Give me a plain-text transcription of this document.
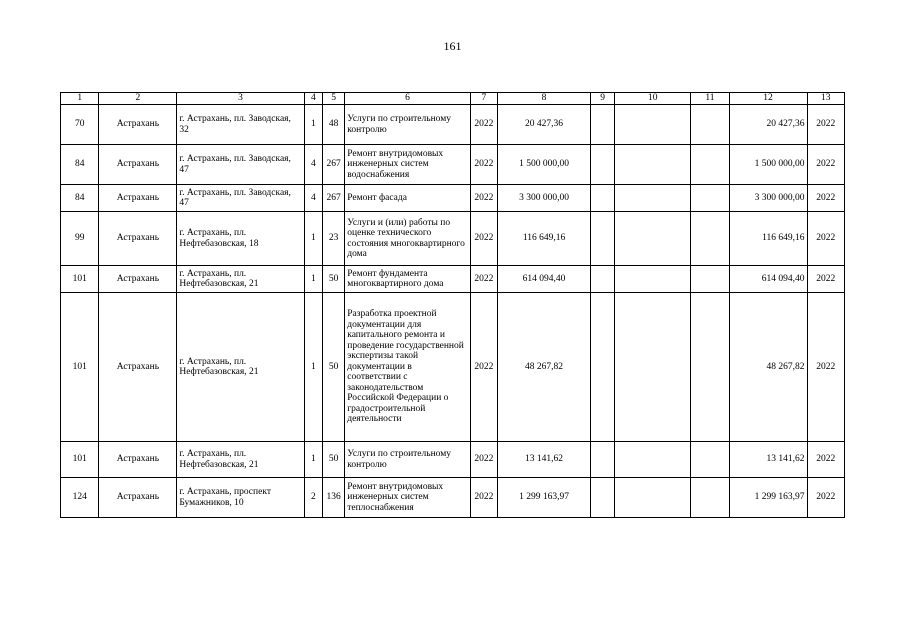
161
1	2	3	4	5	6	7	8	9	10	11	12	13
70	Астрахань	г. Астрахань, пл. Заводская, 32	1	48	Услуги по строительному контролю	2022	20 427,36				20 427,36	2022
84	Астрахань	г. Астрахань, пл. Заводская, 47	4	267	Ремонт внутридомовых инженерных систем водоснабжения	2022	1 500 000,00				1 500 000,00	2022
84	Астрахань	г. Астрахань, пл. Заводская, 47	4	267	Ремонт фасада	2022	3 300 000,00				3 300 000,00	2022
99	Астрахань	г. Астрахань, пл. Нефтебазовская, 18	1	23	Услуги и (или) работы по оценке технического состояния многоквартирного дома	2022	116 649,16				116 649,16	2022
101	Астрахань	г. Астрахань, пл. Нефтебазовская, 21	1	50	Ремонт фундамента многоквартирного дома	2022	614 094,40				614 094,40	2022
101	Астрахань	г. Астрахань, пл. Нефтебазовская, 21	1	50	Разработка проектной документации для капитального ремонта и проведение государственной экспертизы такой документации в соответствии с законодательством Российской Федерации о градостроительной деятельности	2022	48 267,82				48 267,82	2022
101	Астрахань	г. Астрахань, пл. Нефтебазовская, 21	1	50	Услуги по строительному контролю	2022	13 141,62				13 141,62	2022
124	Астрахань	г. Астрахань, проспект Бумажников, 10	2	136	Ремонт внутридомовых инженерных систем теплоснабжения	2022	1 299 163,97				1 299 163,97	2022
